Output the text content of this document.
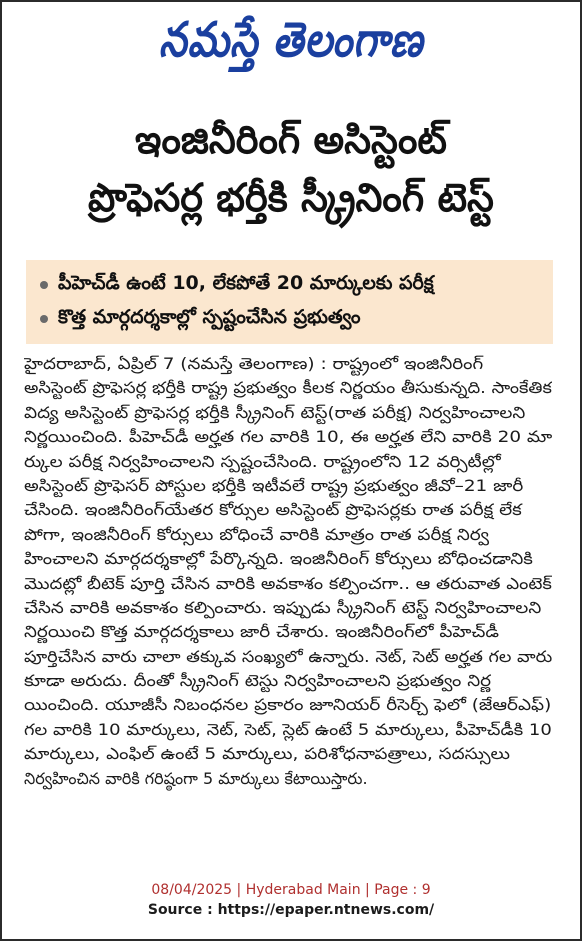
నమస్తే తెలంగాణ
ఇంజినీరింగ్ అసిస్టెంట్
ప్రొఫెసర్ల భర్తీకి స్క్రీనింగ్ టెస్ట్
పీహెచ్‌డీ ఉంటే 10, లేకపోతే 20 మార్కులకు పరీక్ష
కొత్త మార్గదర్శకాల్లో స్పష్టంచేసిన ప్రభుత్వం
హైదరాబాద్, ఏప్రిల్ 7 (నమస్తే తెలంగాణ) : రాష్ట్రంలో ఇంజినీరింగ్
అసిస్టెంట్ ప్రొఫెసర్ల భర్తీకి రాష్ట్ర ప్రభుత్వం కీలక నిర్ణయం తీసుకున్నది. సాంకేతిక
విద్య అసిస్టెంట్ ప్రొఫెసర్ల భర్తీకి స్క్రీనింగ్ టెస్ట్(రాత పరీక్ష) నిర్వహించాలని
నిర్ణయించింది. పీహెచ్‌డీ అర్హత గల వారికి 10, ఈ అర్హత లేని వారికి 20 మా
ర్కుల పరీక్ష నిర్వహించాలని స్పష్టంచేసింది. రాష్ట్రంలోని 12 వర్సిటీల్లో
అసిస్టెంట్ ప్రొఫెసర్ పోస్టుల భర్తీకి ఇటీవలే రాష్ట్ర ప్రభుత్వం జీవో–21 జారీ
చేసింది. ఇంజినీరింగ్‌యేతర కోర్సుల అసిస్టెంట్ ప్రొఫెసర్లకు రాత పరీక్ష లేక
పోగా, ఇంజినీరింగ్ కోర్సులు బోధించే వారికి మాత్రం రాత పరీక్ష నిర్వ
హించాలని మార్గదర్శకాల్లో పేర్కొన్నది. ఇంజినీరింగ్ కోర్సులు బోధించడానికి
మొదట్లో బీటెక్ పూర్తి చేసిన వారికి అవకాశం కల్పించగా.. ఆ తరువాత ఎంటెక్
చేసిన వారికి అవకాశం కల్పించారు. ఇప్పుడు స్క్రీనింగ్ టెస్ట్ నిర్వహించాలని
నిర్ణయించి కొత్త మార్గదర్శకాలు జారీ చేశారు. ఇంజినీరింగ్‌లో పీహెచ్‌డీ
పూర్తిచేసిన వారు చాలా తక్కువ సంఖ్యలో ఉన్నారు. నెట్, సెట్ అర్హత గల వారు
కూడా అరుదు. దీంతో స్క్రీనింగ్ టెస్టు నిర్వహించాలని ప్రభుత్వం నిర్ణ
యించింది. యూజీసీ నిబంధనల ప్రకారం జూనియర్ రీసెర్చ్ ఫెలో (జేఆర్‌ఎఫ్)
గల వారికి 10 మార్కులు, నెట్, సెట్, స్లెట్ ఉంటే 5 మార్కులు, పీహెచ్‌డీకి 10
మార్కులు, ఎంఫిల్ ఉంటే 5 మార్కులు, పరిశోధనాపత్రాలు, సదస్సులు
నిర్వహించిన వారికి గరిష్ఠంగా 5 మార్కులు కేటాయిస్తారు.
08/04/2025 | Hyderabad Main | Page : 9
Source : https://epaper.ntnews.com/
